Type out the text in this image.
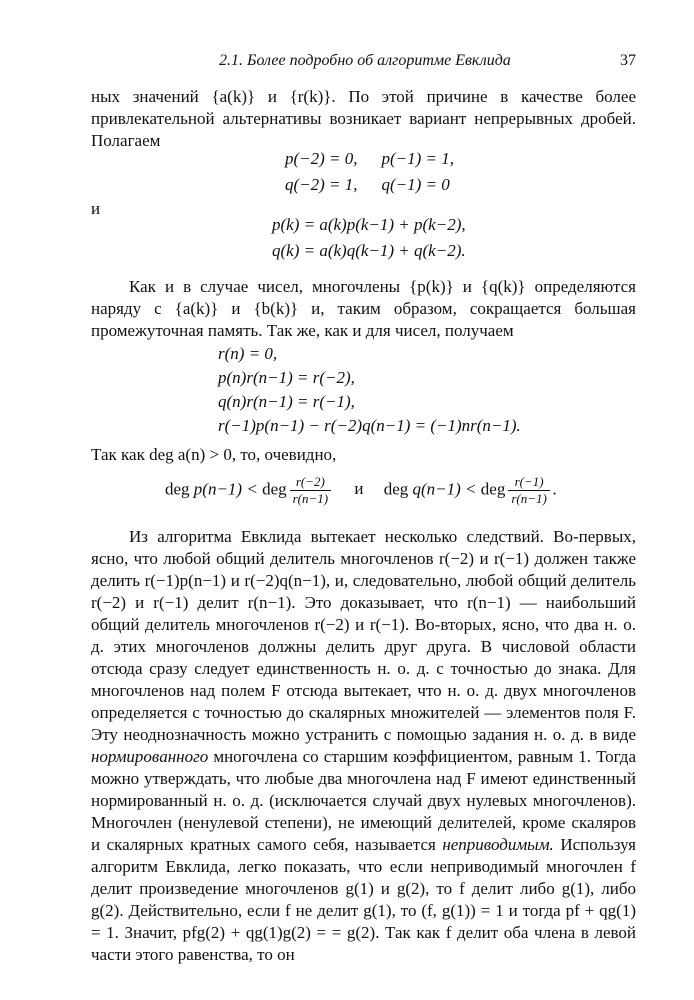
2.1. Более подробно об алгоритме Евклида	37

ных значений {a(k)} и {r(k)}. По этой причине в качестве более привлекательной альтернативы возникает вариант непрерывных дробей. Полагаем

p(−2) = 0, p(−1) = 1,
q(−2) = 1, q(−1) = 0
и
p(k) = a(k)p(k−1) + p(k−2),
q(k) = a(k)q(k−1) + q(k−2).

Как и в случае чисел, многочлены {p(k)} и {q(k)} определяются наряду с {a(k)} и {b(k)} и, таким образом, сокращается большая промежуточная память. Так же, как и для чисел, получаем

r(n) = 0,
p(n)r(n−1) = r(−2),
q(n)r(n−1) = r(−1),
r(−1)p(n−1) − r(−2)q(n−1) = (−1)nr(n−1).

Так как deg a(n) > 0, то, очевидно,

deg p(n−1) < deg $\frac{r(-2)}{r(n-1)}$ и deg q(n−1) < deg $\frac{r(-1)}{r(n-1)}$ .

Из алгоритма Евклида вытекает несколько следствий. Во-первых, ясно, что любой общий делитель многочленов r(−2) и r(−1) должен также делить r(−1)p(n−1) и r(−2)q(n−1), и, следовательно, любой общий делитель r(−2) и r(−1) делит r(n−1). Это доказывает, что r(n−1) — наибольший общий делитель многочленов r(−2) и r(−1). Во-вторых, ясно, что два н. о. д. этих многочленов должны делить друг друга. В числовой области отсюда сразу следует единственность н. о. д. с точностью до знака. Для многочленов над полем F отсюда вытекает, что н. о. д. двух многочленов определяется с точностью до скалярных множителей — элементов поля F. Эту неоднозначность можно устранить с помощью задания н. о. д. в виде нормированного многочлена со старшим коэффициентом, равным 1. Тогда можно утверждать, что любые два многочлена над F имеют единственный нормированный н. о. д. (исключается случай двух нулевых многочленов). Многочлен (ненулевой степени), не имеющий делителей, кроме скаляров и скалярных кратных самого себя, называется неприводимым. Используя алгоритм Евклида, легко показать, что если неприводимый многочлен f делит произведение многочленов g(1) и g(2), то f делит либо g(1), либо g(2). Действительно, если f не делит g(1), то (f, g(1)) = 1 и тогда pf + qg(1) = 1. Значит, pfg(2) + qg(1)g(2) = = g(2). Так как f делит оба члена в левой части этого равенства, то он
